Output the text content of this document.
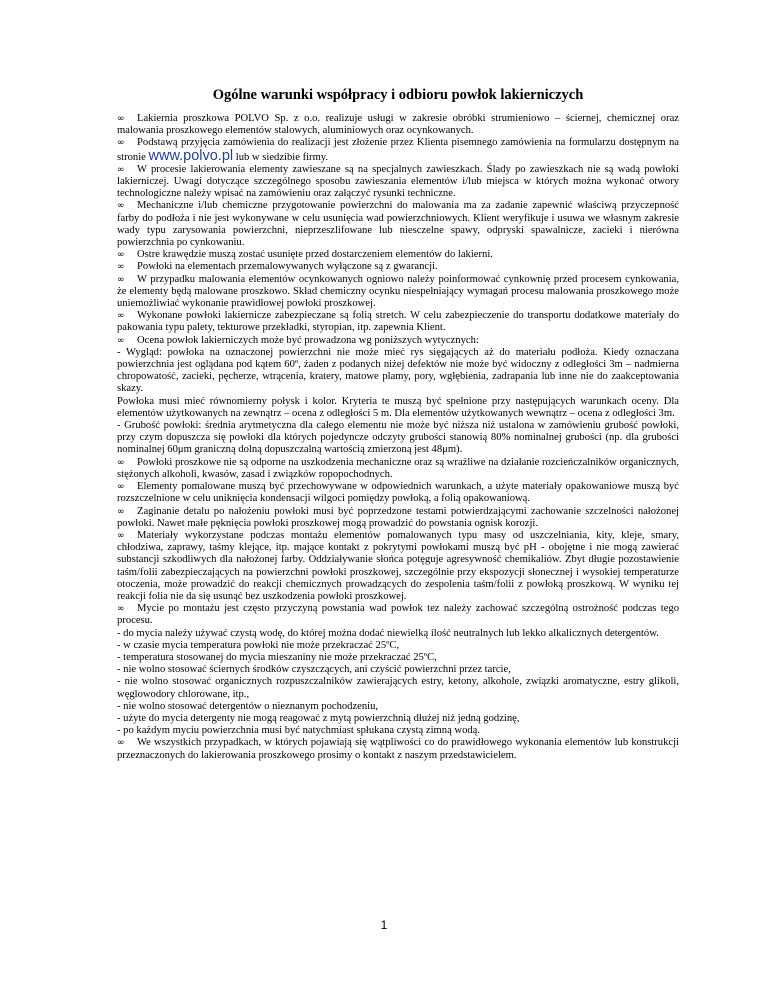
Ogólne warunki współpracy i odbioru powłok lakierniczych

∞ Lakiernia proszkowa POLVO Sp. z o.o. realizuje usługi w zakresie obróbki strumieniowo – ściernej, chemicznej oraz malowania proszkowego elementów stalowych, aluminiowych oraz ocynkowanych.

∞ Podstawą przyjęcia zamówienia do realizacji jest złożenie przez Klienta pisemnego zamówienia na formularzu dostępnym na stronie www.polvo.pl lub w siedzibie firmy.

∞ W procesie lakierowania elementy zawieszane są na specjalnych zawieszkach. Ślady po zawieszkach nie są wadą powłoki lakierniczej. Uwagi dotyczące szczególnego sposobu zawieszania elementów i/lub miejsca w których można wykonać otwory technologiczne należy wpisać na zamówieniu oraz załączyć rysunki techniczne.

∞ Mechaniczne i/lub chemiczne przygotowanie powierzchni do malowania ma za zadanie zapewnić właściwą przyczepność farby do podłoża i nie jest wykonywane w celu usunięcia wad powierzchniowych. Klient weryfikuje i usuwa we własnym zakresie wady typu zarysowania powierzchni, nieprzeszlifowane lub niesczelne spawy, odpryski spawalnicze, zacieki i nierówna powierzchnia po cynkowaniu.

∞ Ostre krawędzie muszą zostać usunięte przed dostarczeniem elementów do lakierni.

∞ Powłoki na elementach przemalowywanych wyłączone są z gwarancji.

∞ W przypadku malowania elementów ocynkowanych ogniowo należy poinformować cynkownię przed procesem cynkowania, że elementy będą malowane proszkowo. Skład chemiczny ocynku niespełniający wymagań procesu malowania proszkowego może uniemożliwiać wykonanie prawidłowej powłoki proszkowej.

∞ Wykonane powłoki lakiernicze zabezpieczane są folią stretch. W celu zabezpieczenie do transportu dodatkowe materiały do pakowania typu palety, tekturowe przekładki, styropian, itp. zapewnia Klient.

∞ Ocena powłok lakierniczych może być prowadzona wg poniższych wytycznych:

- Wygląd: powłoka na oznaczonej powierzchni nie może mieć rys sięgających aż do materiału podłoża. Kiedy oznaczana powierzchnia jest oglądana pod kątem 60º, żaden z podanych niżej defektów nie może być widoczny z odległości 3m – nadmierna chropowatość, zacieki, pęcherze, wtrącenia, kratery, matowe plamy, pory, wgłębienia, zadrapania lub inne nie do zaakceptowania skazy.

Powłoka musi mieć równomierny połysk i kolor. Kryteria te muszą być spełnione przy następujących warunkach oceny. Dla elementów użytkowanych na zewnątrz – ocena z odległości 5 m. Dla elementów użytkowanych wewnątrz – ocena z odległości 3m.

- Grubość powłoki: średnia arytmetyczna dla całego elementu nie może być niższa niż ustalona w zamówieniu grubość powłoki, przy czym dopuszcza się powłoki dla których pojedyncze odczyty grubości stanowią 80% nominalnej grubości (np. dla grubości nominalnej 60μm graniczną dolną dopuszczalną wartością zmierzoną jest 48μm).

∞ Powłoki proszkowe nie są odporne na uszkodzenia mechaniczne oraz są wrażliwe na działanie rozcieńczalników organicznych, stężonych alkoholi, kwasów, zasad i związków ropopochodnych.

∞ Elementy pomalowane muszą być przechowywane w odpowiednich warunkach, a użyte materiały opakowaniowe muszą być rozszczelnione w celu uniknięcia kondensacji wilgoci pomiędzy powłoką, a folią opakowaniową.

∞ Zaginanie detalu po nałożeniu powłoki musi być poprzedzone testami potwierdzającymi zachowanie szczelności nałożonej powłoki. Nawet małe pęknięcia powłoki proszkowej mogą prowadzić do powstania ognisk korozji.

∞ Materiały wykorzystane podczas montażu elementów pomalowanych typu masy od uszczelniania, kity, kleje, smary, chłodziwa, zaprawy, taśmy klejące, itp. mające kontakt z pokrytymi powłokami muszą być pH - obojętne i nie mogą zawierać substancji szkodliwych dla nałożonej farby. Oddziaływanie słońca potęguje agresywność chemikaliów. Zbyt długie pozostawienie taśm/folii zabezpieczających na powierzchni powłoki proszkowej, szczególnie przy ekspozycji słonecznej i wysokiej temperaturze otoczenia, może prowadzić do reakcji chemicznych prowadzących do zespolenia taśm/folii z powłoką proszkową. W wyniku tej reakcji folia nie da się usunąć bez uszkodzenia powłoki proszkowej.

∞ Mycie po montażu jest często przyczyną powstania wad powłok tez należy zachować szczególną ostrożność podczas tego procesu.

- do mycia należy używać czystą wodę, do której można dodać niewielką ilość neutralnych lub lekko alkalicznych detergentów.

- w czasie mycia temperatura powłoki nie może przekraczać 25ºC,

- temperatura stosowanej do mycia mieszaniny nie może przekraczać 25ºC,

- nie wolno stosować ściernych środków czyszczących, ani czyścić powierzchni przez tarcie,

- nie wolno stosować organicznych rozpuszczalników zawierających estry, ketony, alkohole, związki aromatyczne, estry glikoli, węglowodory chlorowane, itp.,

- nie wolno stosować detergentów o nieznanym pochodzeniu,

- użyte do mycia detergenty nie mogą reagować z mytą powierzchnią dłużej niż jedną godzinę,

- po każdym myciu powierzchnia musi być natychmiast spłukana czystą zimną wodą.

∞ We wszystkich przypadkach, w których pojawiają się wątpliwości co do prawidłowego wykonania elementów lub konstrukcji przeznaczonych do lakierowania proszkowego prosimy o kontakt z naszym przedstawicielem.

1
